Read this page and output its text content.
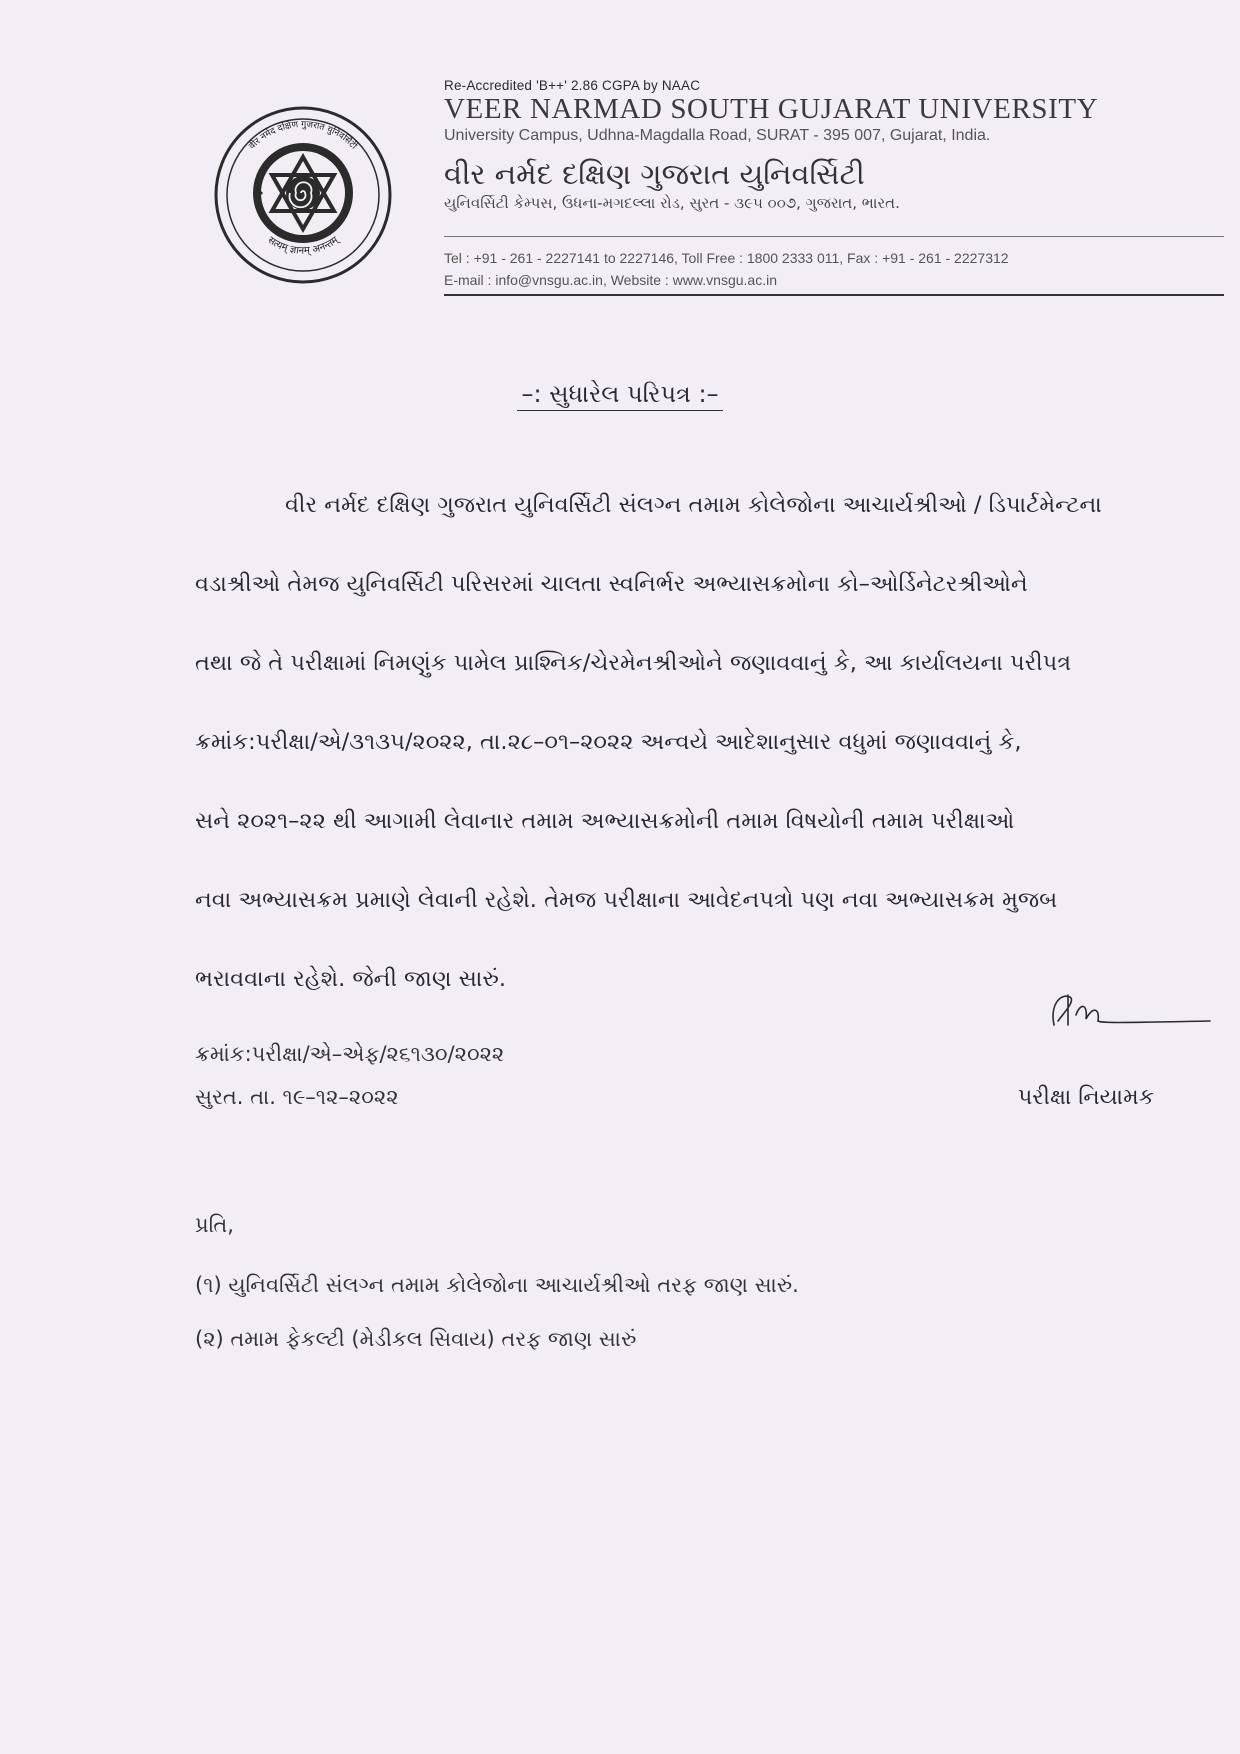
वीर नर्मद दक्षिण गुजरात युनिवर्सिटी
सत्यम् ज्ञानम् अनन्तम्
Re-Accredited 'B++' 2.86 CGPA by NAAC
VEER NARMAD SOUTH GUJARAT UNIVERSITY
University Campus, Udhna-Magdalla Road, SURAT - 395 007, Gujarat, India.
વીર નર્મદ દક્ષિણ ગુજરાત યુનિવર્સિટી
યુનિવર્સિટી કેમ્પસ, ઉધના-મગદલ્લા રોડ, સુરત - ૩૯૫ ૦૦૭, ગુજરાત, ભારત.
Tel : +91 - 261 - 2227141 to 2227146, Toll Free : 1800 2333 011, Fax : +91 - 261 - 2227312
E-mail : info@vnsgu.ac.in, Website : www.vnsgu.ac.in
–: સુધારેલ પરિપત્ર :–
વીર નર્મદ દક્ષિણ ગુજરાત યુનિવર્સિટી સંલગ્ન તમામ કોલેજોના આચાર્યશ્રીઓ / ડિપાર્ટમેન્ટના
વડાશ્રીઓ તેમજ યુનિવર્સિટી પરિસરમાં ચાલતા સ્વનિર્ભર અભ્યાસક્રમોના કો–ઓર્ડિનેટરશ્રીઓને
તથા જે તે પરીક્ષામાં નિમણુંક પામેલ પ્રાશ્નિક/ચેરમેનશ્રીઓને જણાવવાનું કે, આ કાર્યાલયના પરીપત્ર
ક્રમાંક:પરીક્ષા/એ/૩૧૩૫/૨૦૨૨, તા.૨૮–૦૧–૨૦૨૨ અન્વયે આદેશાનુસાર વધુમાં જણાવવાનું કે,
સને ૨૦૨૧–૨૨ થી આગામી લેવાનાર તમામ અભ્યાસક્રમોની તમામ વિષયોની તમામ પરીક્ષાઓ
નવા અભ્યાસક્રમ પ્રમાણે લેવાની રહેશે. તેમજ પરીક્ષાના આવેદનપત્રો પણ નવા અભ્યાસક્રમ મુજબ
ભરાવવાના રહેશે. જેની જાણ સારું.
ક્રમાંક:પરીક્ષા/એ–એફ/૨૬૧૩૦/૨૦૨૨
સુરત. તા. ૧૯–૧૨–૨૦૨૨	પરીક્ષા નિયામક
પ્રતિ,
(૧) યુનિવર્સિટી સંલગ્ન તમામ કોલેજોના આચાર્યશ્રીઓ તરફ જાણ સારું.
(૨) તમામ ફેકલ્ટી (મેડીકલ સિવાય) તરફ જાણ સારું
